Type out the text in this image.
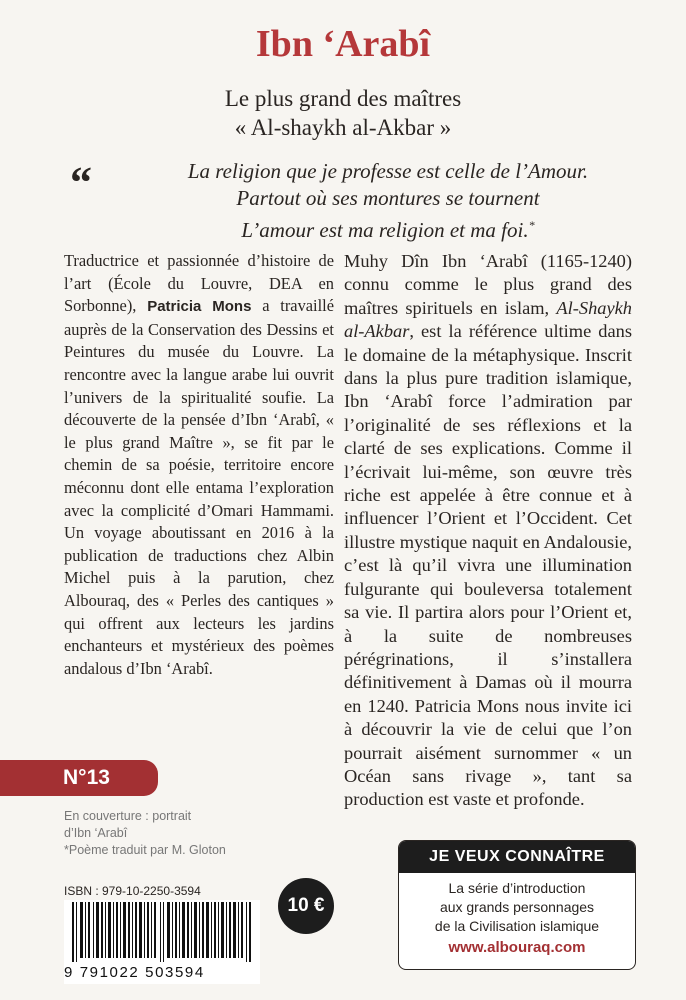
Ibn ‘Arabî
Le plus grand des maîtres
« Al-shaykh al-Akbar »
“	La religion que je professe est celle de l’Amour.
Partout où ses montures se tournent
L’amour est ma religion et ma foi.*
Traductrice et passionnée d’histoire de l’art (École du Louvre, DEA en Sorbonne), Patricia Mons a travaillé auprès de la Conservation des Dessins et Peintures du musée du Louvre. La rencontre avec la langue arabe lui ouvrit l’univers de la spiritualité soufie. La découverte de la pensée d’Ibn ‘Arabî, « le plus grand Maître », se fit par le chemin de sa poésie, territoire encore méconnu dont elle entama l’exploration avec la complicité d’Omari Hammami. Un voyage aboutissant en 2016 à la publication de traductions chez Albin Michel puis à la parution, chez Albouraq, des « Perles des cantiques » qui offrent aux lecteurs les jardins enchanteurs et mystérieux des poèmes andalous d’Ibn ‘Arabî.
Muhy Dîn Ibn ‘Arabî (1165-1240) connu comme le plus grand des maîtres spirituels en islam, Al-Shaykh al-Akbar, est la référence ultime dans le domaine de la métaphysique. Inscrit dans la plus pure tradition islamique, Ibn ‘Arabî force l’admiration par l’originalité de ses réflexions et la clarté de ses explications. Comme il l’écrivait lui-même, son œuvre très riche est appelée à être connue et à influencer l’Orient et l’Occident. Cet illustre mystique naquit en Andalousie, c’est là qu’il vivra une illumination fulgurante qui bouleversa totalement sa vie. Il partira alors pour l’Orient et, à la suite de nombreuses pérégrinations, il s’installera définitivement à Damas où il mourra en 1240. Patricia Mons nous invite ici à découvrir la vie de celui que l’on pourrait aisément surnommer « un Océan sans rivage », tant sa production est vaste et profonde.
N°13
En couverture : portrait
d’Ibn ‘Arabî
*Poème traduit par M. Gloton
ISBN : 979-10-2250-3594
9 791022 503594
10 €
JE VEUX CONNAÎTRE
La série d’introduction
aux grands personnages
de la Civilisation islamique
www.albouraq.com
